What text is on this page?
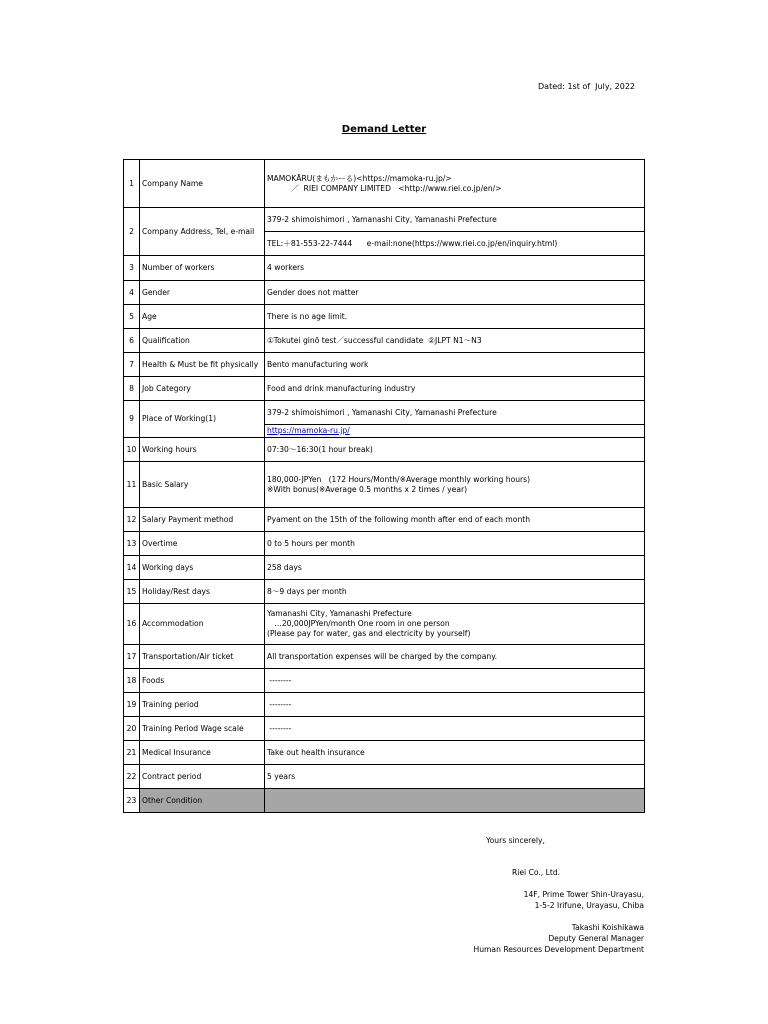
Dated: 1st of  July, 2022
Demand Letter
1	Company Name	MAMOKĀRU(まもかーる)<https://mamoka-ru.jp/>
／  RIEI COMPANY LIMITED   <http://www.riei.co.jp/en/>
2	Company Address, Tel, e-mail	379-2 shimoishimori , Yamanashi City, Yamanashi Prefecture
		TEL:＋81-553-22-7444      e-mail:none(https://www.riei.co.jp/en/inquiry.html)
3	Number of workers	4 workers
4	Gender	Gender does not matter
5	Age	There is no age limit.
6	Qualification	①Tokutei ginō test／successful candidate  ②JLPT N1～N3
7	Health & Must be fit physically	Bento manufacturing work
8	Job Category	Food and drink manufacturing industry
9	Place of Working(1)	379-2 shimoishimori , Yamanashi City, Yamanashi Prefecture
		https://mamoka-ru.jp/
10	Working hours	07:30～16:30(1 hour break)
11	Basic Salary	180,000-JPYen   (172 Hours/Month/※Average monthly working hours)
※With bonus(※Average 0.5 months x 2 times / year)
12	Salary Payment method	Pyament on the 15th of the following month after end of each month
13	Overtime	0 to 5 hours per month
14	Working days	258 days
15	Holiday/Rest days	8～9 days per month
16	Accommodation	Yamanashi City, Yamanashi Prefecture
…20,000JPYen/month One room in one person
(Please pay for water, gas and electricity by yourself)
17	Transportation/Air ticket	All transportation expenses will be charged by the company.
18	Foods	--------
19	Training period	--------
20	Training Period Wage scale	--------
21	Medical Insurance	Take out health insurance
22	Contract period	5 years
23	Other Condition	
Yours sincerely,
Riei Co., Ltd.
14F, Prime Tower Shin-Urayasu,
1-5-2 Irifune, Urayasu, Chiba
Takashi Koishikawa
Deputy General Manager
Human Resources Development Department
